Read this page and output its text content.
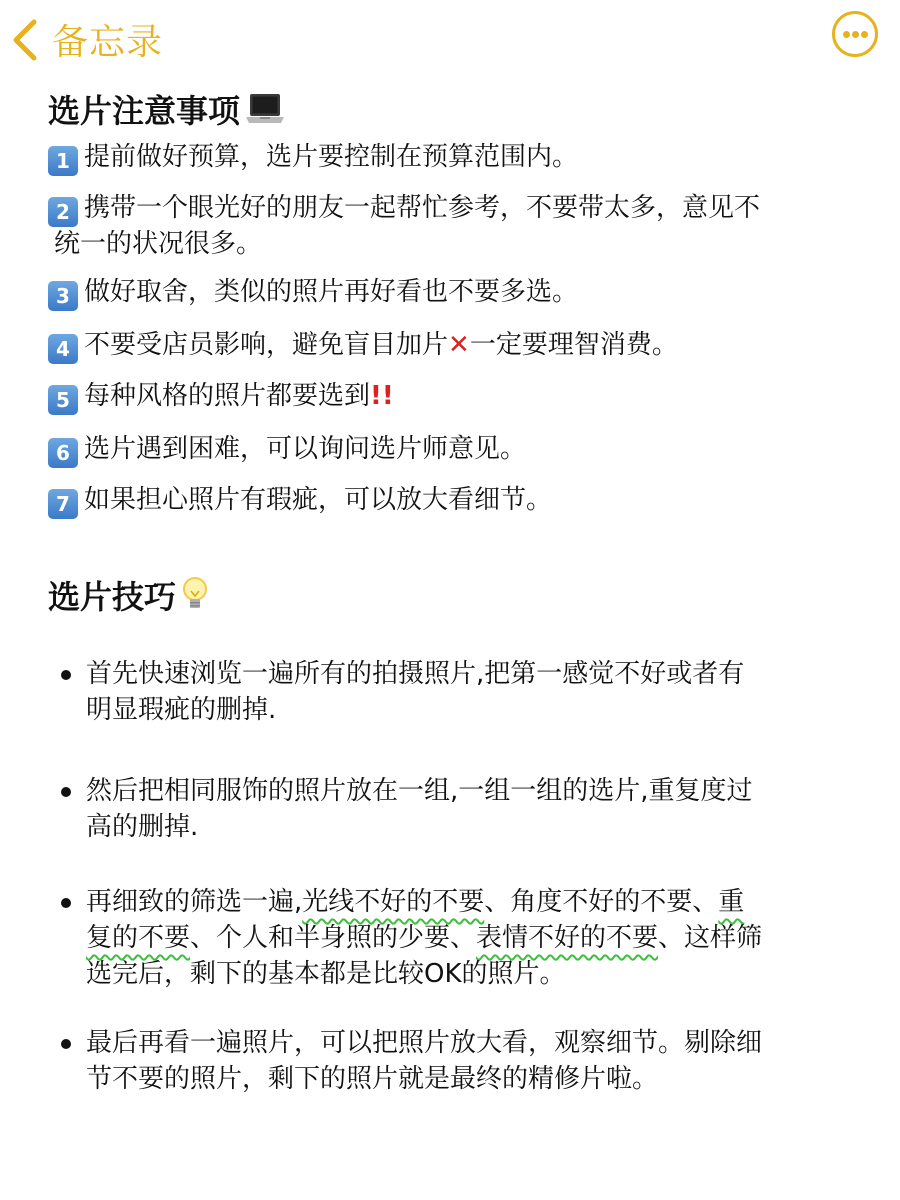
备忘录
选片注意事项
1 提前做好预算，选片要控制在预算范围内。
2 携带一个眼光好的朋友一起帮忙参考，不要带太多，意见不
统一的状况很多。
3 做好取舍，类似的照片再好看也不要多选。
4 不要受店员影响，避免盲目加片✕一定要理智消费。
5 每种风格的照片都要选到!!
6 选片遇到困难，可以询问选片师意见。
7 如果担心照片有瑕疵，可以放大看细节。
选片技巧
首先快速浏览一遍所有的拍摄照片,把第一感觉不好或者有
明显瑕疵的删掉.
然后把相同服饰的照片放在一组,一组一组的选片,重复度过
高的删掉.
再细致的筛选一遍,光线不好的不要、角度不好的不要、重
复的不要、个人和半身照的少要、表情不好的不要、这样筛
选完后，剩下的基本都是比较OK的照片。
最后再看一遍照片，可以把照片放大看，观察细节。剔除细
节不要的照片，剩下的照片就是最终的精修片啦。
